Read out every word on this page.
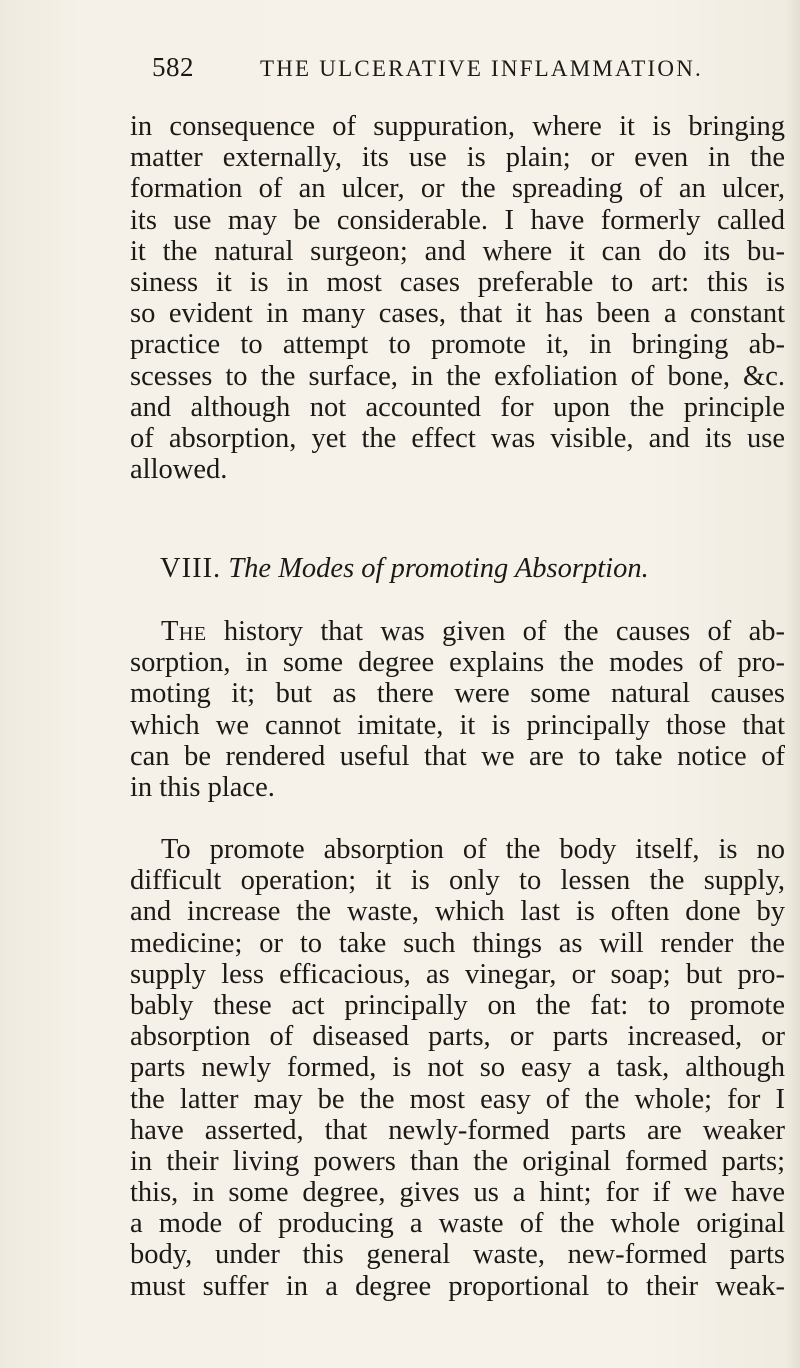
582	THE ULCERATIVE INFLAMMATION.
in consequence of suppuration, where it is bringing
matter externally, its use is plain; or even in the
formation of an ulcer, or the spreading of an ulcer,
its use may be considerable. I have formerly called
it the natural surgeon; and where it can do its bu-
siness it is in most cases preferable to art: this is
so evident in many cases, that it has been a constant
practice to attempt to promote it, in bringing ab-
scesses to the surface, in the exfoliation of bone, &c.
and although not accounted for upon the principle
of absorption, yet the effect was visible, and its use
allowed.
VIII. The Modes of promoting Absorption.
The history that was given of the causes of ab-
sorption, in some degree explains the modes of pro-
moting it; but as there were some natural causes
which we cannot imitate, it is principally those that
can be rendered useful that we are to take notice of
in this place.
To promote absorption of the body itself, is no
difficult operation; it is only to lessen the supply,
and increase the waste, which last is often done by
medicine; or to take such things as will render the
supply less efficacious, as vinegar, or soap; but pro-
bably these act principally on the fat: to promote
absorption of diseased parts, or parts increased, or
parts newly formed, is not so easy a task, although
the latter may be the most easy of the whole; for I
have asserted, that newly-formed parts are weaker
in their living powers than the original formed parts;
this, in some degree, gives us a hint; for if we have
a mode of producing a waste of the whole original
body, under this general waste, new-formed parts
must suffer in a degree proportional to their weak-
